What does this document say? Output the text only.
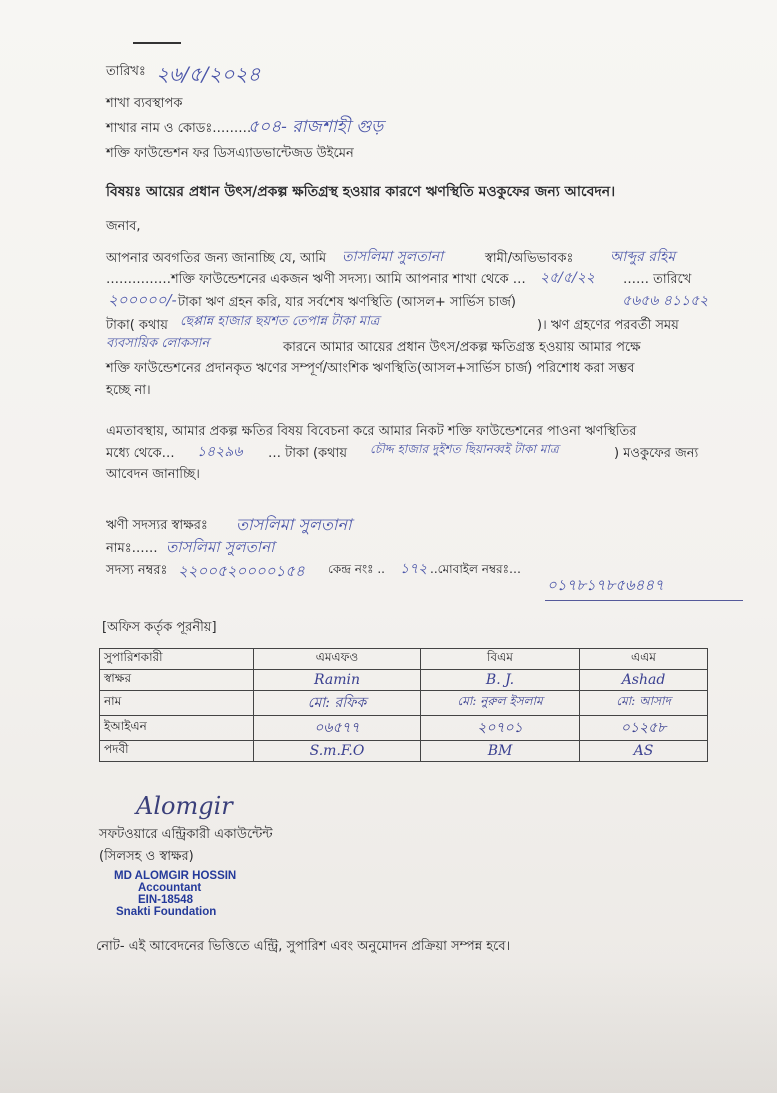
তারিখঃ ২৬/৫/২০২৪
শাখা ব্যবস্থাপক
শাখার নাম ও কোডঃ………
৫০৪- রাজশাহী গুড়
শক্তি ফাউন্ডেশন ফর ডিসএ্যাডভান্টেজড উইমেন
বিষয়ঃ আয়ের প্রধান উৎস/প্রকল্প ক্ষতিগ্রস্থ হওয়ার কারণে ঋণস্থিতি মওকুফের জন্য আবেদন।
জনাব,
আপনার অবগতির জন্য জানাচ্ছি যে, আমি তাসলিমা সুলতানা	স্বামী/অভিভাবকঃ	আব্দুর রহিম
……………শক্তি ফাউন্ডেশনের একজন ঋণী সদস্য। আমি আপনার শাখা থেকে … ২৫/৫/২২ …… তারিখে
২০০০০০/- টাকা ঋণ গ্রহন করি, যার সর্বশেষ ঋণস্থিতি (আসল+ সার্ভিস চার্জ)	৫৬৫৬ ৪১১৫২
টাকা( কথায় ছেপ্পান্ন হাজার ছয়শত তেপান্ন টাকা মাত্র	)। ঋণ গ্রহণের পরবর্তী সময়
ব্যবসায়িক লোকসান	কারনে আমার আয়ের প্রধান উৎস/প্রকল্প ক্ষতিগ্রস্ত হওয়ায় আমার পক্ষে
শক্তি ফাউন্ডেশনের প্রদানকৃত ঋণের সম্পূর্ণ/আংশিক ঋণস্থিতি(আসল+সার্ভিস চার্জ) পরিশোধ করা সম্ভব
হচ্ছে না।
এমতাবস্থায়, আমার প্রকল্প ক্ষতির বিষয় বিবেচনা করে আমার নিকট শক্তি ফাউন্ডেশনের পাওনা ঋণস্থিতির
মধ্যে থেকে… ১৪২৯৬ … টাকা (কথায় চৌদ্দ হাজার দুইশত ছিয়ানব্বই টাকা মাত্র	) মওকুফের জন্য
আবেদন জানাচ্ছি।
ঋণী সদস্যর স্বাক্ষরঃ তাসলিমা সুলতানা
নামঃ…… তাসলিমা সুলতানা
সদস্য নম্বরঃ ২২০০৫২০০০০১৫৪ কেন্দ্র নংঃ .. ১৭২ ..মোবাইল নম্বরঃ…
০১৭৮১৭৮৫৬৪৪৭
[অফিস কর্তৃক পূরনীয়]
সুপারিশকারী	এমএফও	বিএম	এএম
স্বাক্ষর	Ramin	B. J.	Ashad
নাম	মো: রফিক	মো: নুরুল ইসলাম	মো: আসাদ
ইআইএন	০৬৫৭৭	২০৭০১	০১২৫৮
পদবী	S.m.F.O	BM	AS
Alomgir
সফটওয়ারে এন্ট্রিকারী একাউন্টেন্ট
(সিলসহ ও স্বাক্ষর)
MD ALOMGIR HOSSIN
Accountant
EIN-18548
Snakti Foundation
নোট- এই আবেদনের ভিত্তিতে এন্ট্রি, সুপারিশ এবং অনুমোদন প্রক্রিয়া সম্পন্ন হবে।
